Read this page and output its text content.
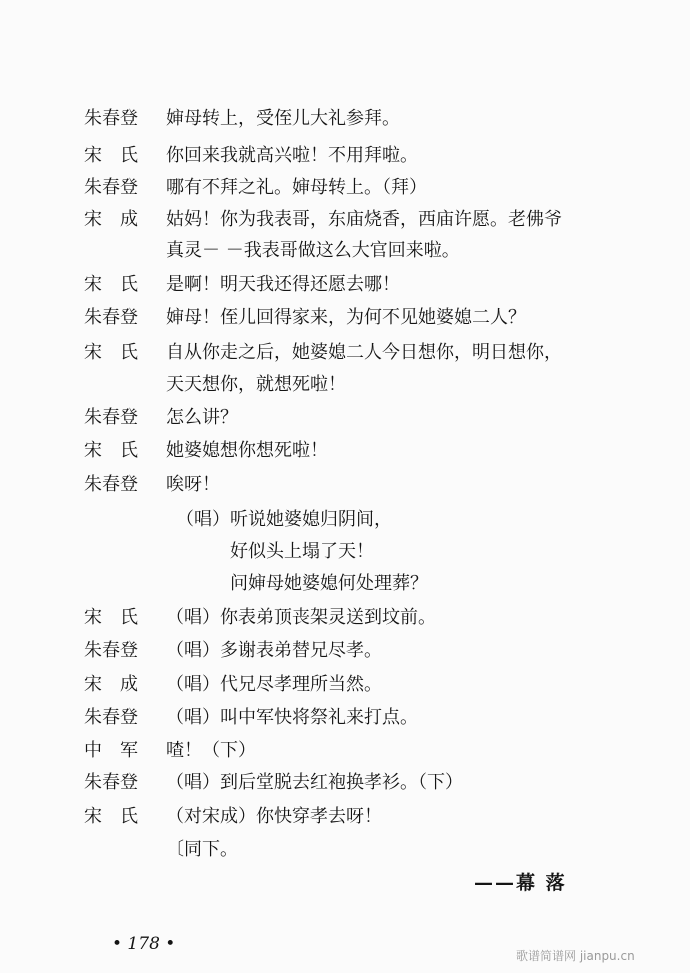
朱春登	婶母转上，受侄儿大礼参拜。
宋氏 你回来我就高兴啦！不用拜啦。
朱春登	哪有不拜之礼。婶母转上。（拜）
宋成 姑妈！你为我表哥，东庙烧香，西庙许愿。老佛爷
真灵－ －我表哥做这么大官回来啦。
宋氏 是啊！明天我还得还愿去哪！
朱春登	婶母！侄儿回得家来，为何不见她婆媳二人？
宋氏 自从你走之后，她婆媳二人今日想你，明日想你，
天天想你，就想死啦！
朱春登	怎么讲？
宋氏 她婆媳想你想死啦！
朱春登	唉呀！
（唱）听说她婆媳归阴间，
好似头上塌了天！
问婶母她婆媳何处理葬？
宋氏 （唱）你表弟顶丧架灵送到坟前。
朱春登	（唱）多谢表弟替兄尽孝。
宋成 （唱）代兄尽孝理所当然。
朱春登	（唱）叫中军快将祭礼来打点。
中军 喳！（下）
朱春登	（唱）到后堂脱去红袍换孝衫。（下）
宋氏 （对宋成）你快穿孝去呀！
〔同下。
——幕 落
• 178 •
歌谱简谱网 jianpu.cn
